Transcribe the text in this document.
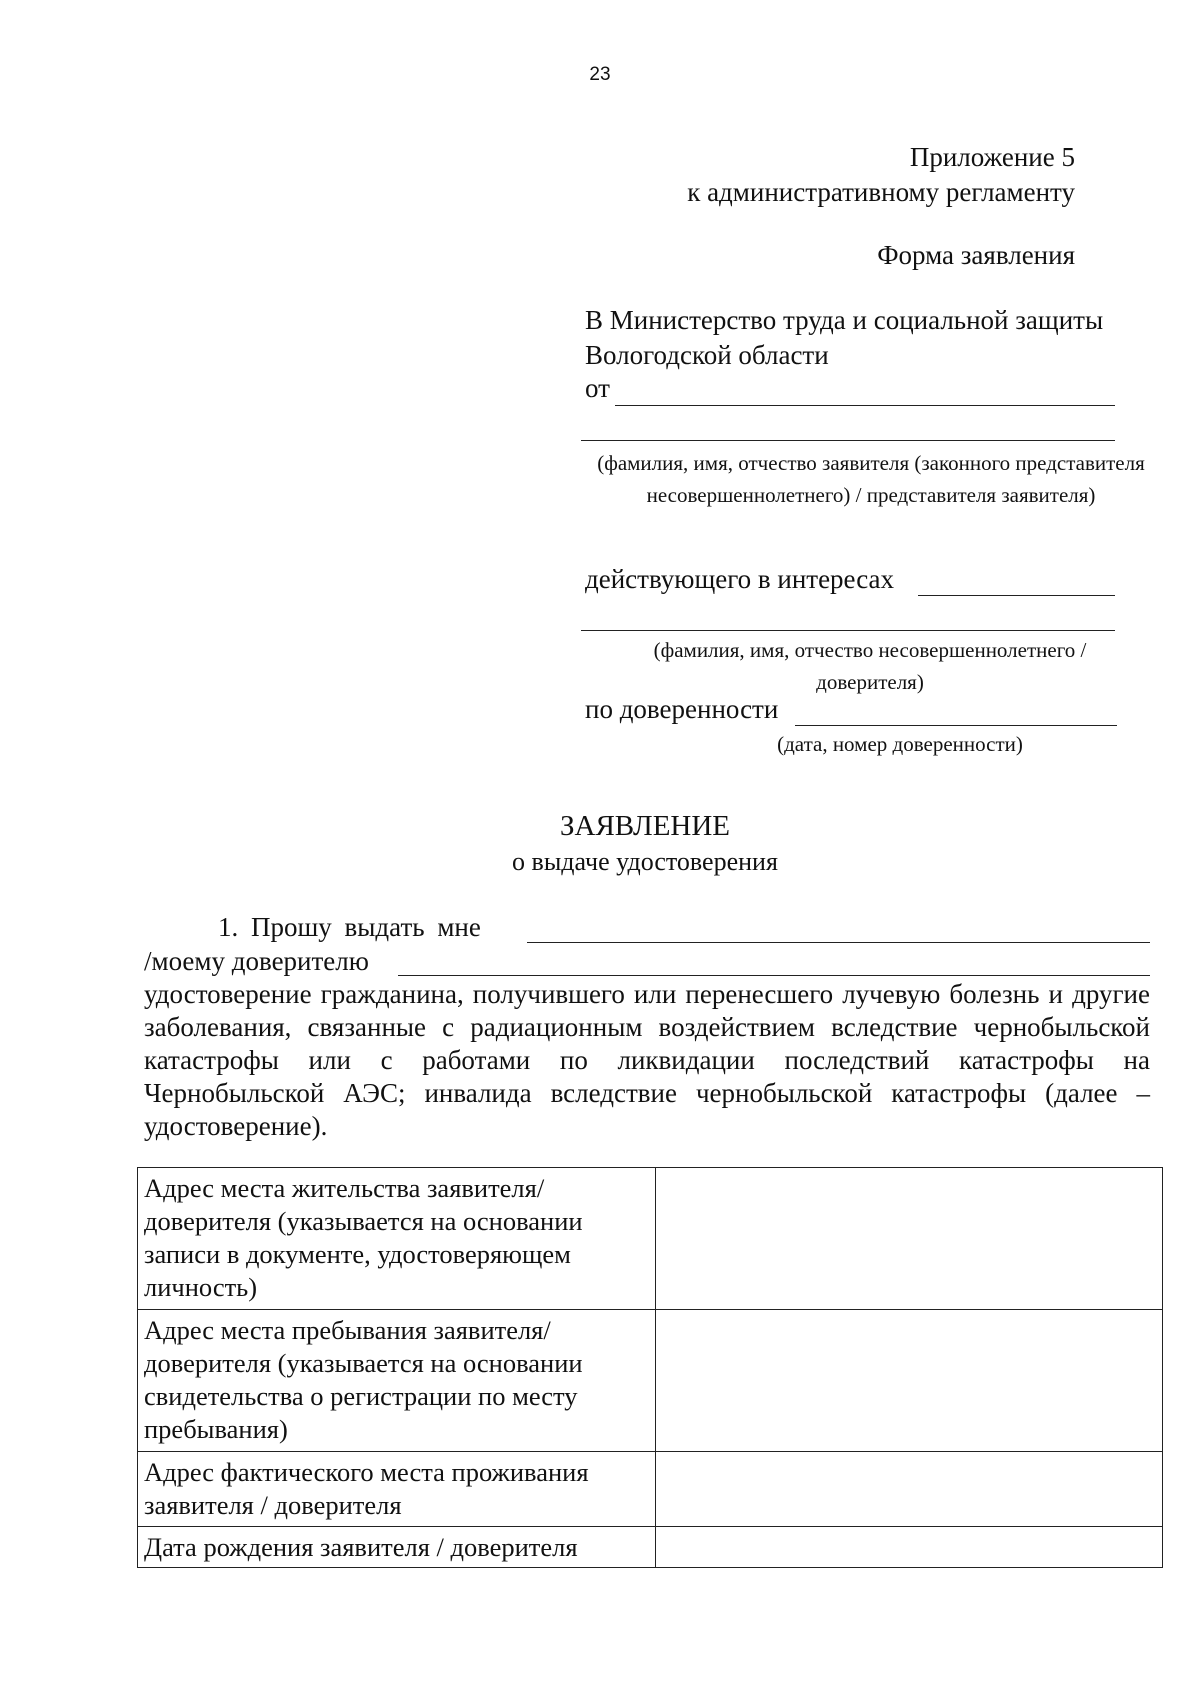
23
Приложение 5
к административному регламенту
Форма заявления
В Министерство труда и социальной защиты
Вологодской области
от
(фамилия, имя, отчество заявителя (законного представителя несовершеннолетнего) / представителя заявителя)
действующего в интересах
(фамилия, имя, отчество несовершеннолетнего / доверителя)
по доверенности
(дата, номер доверенности)
ЗАЯВЛЕНИЕ
о выдаче удостоверения
1. Прошу выдать мне
/моему доверителю
удостоверение гражданина, получившего или перенесшего лучевую болезнь и другие заболевания, связанные с радиационным воздействием вследствие чернобыльской катастрофы или с работами по ликвидации последствий катастрофы на Чернобыльской АЭС; инвалида вследствие чернобыльской катастрофы (далее – удостоверение).
Адрес места жительства заявителя/ доверителя (указывается на основании записи в документе, удостоверяющем личность)	
Адрес места пребывания заявителя/ доверителя (указывается на основании свидетельства о регистрации по месту пребывания)	
Адрес фактического места проживания заявителя / доверителя	
Дата рождения заявителя / доверителя	
